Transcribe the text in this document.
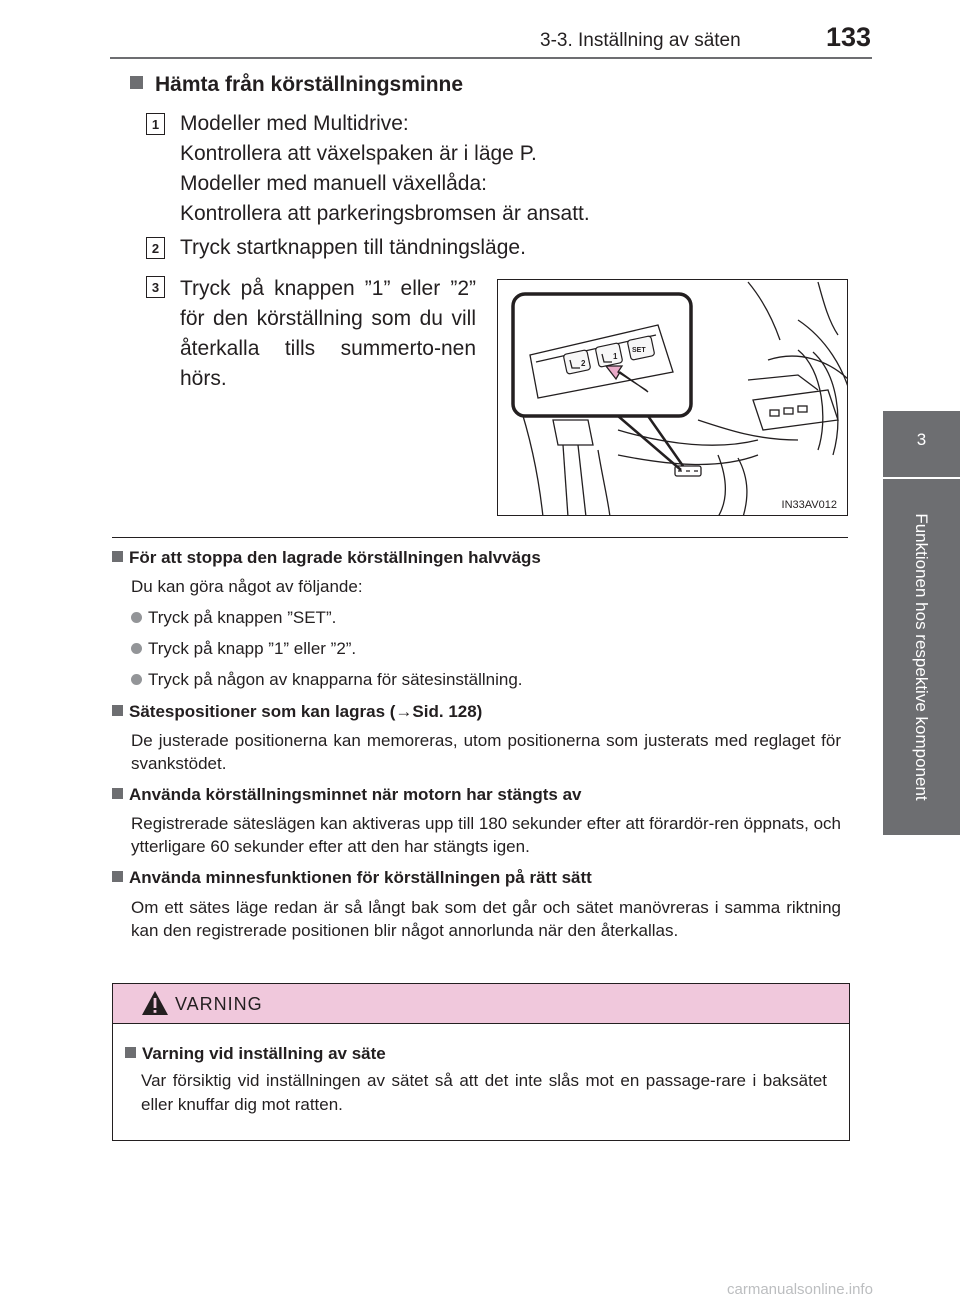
3-3. Inställning av säten	133
3
Funktionen hos respektive komponent
Hämta från körställningsminne
1 Modeller med Multidrive:
Kontrollera att växelspaken är i läge P.
Modeller med manuell växellåda:
Kontrollera att parkeringsbromsen är ansatt.
2 Tryck startknappen till tändningsläge.
3 Tryck på knappen ”1” eller ”2” för den körställning som du vill återkalla tills summerto-nen hörs.
2
1
SET
IN33AV012
För att stoppa den lagrade körställningen halvvägs
Du kan göra något av följande:
Tryck på knappen ”SET”.
Tryck på knapp ”1” eller ”2”.
Tryck på någon av knapparna för sätesinställning.
Sätespositioner som kan lagras (→Sid. 128)
De justerade positionerna kan memoreras, utom positionerna som justerats med reglaget för svankstödet.
Använda körställningsminnet när motorn har stängts av
Registrerade säteslägen kan aktiveras upp till 180 sekunder efter att förardör-ren öppnats, och ytterligare 60 sekunder efter att den har stängts igen.
Använda minnesfunktionen för körställningen på rätt sätt
Om ett sätes läge redan är så långt bak som det går och sätet manövreras i samma riktning kan den registrerade positionen blir något annorlunda när den återkallas.
VARNING
Varning vid inställning av säte
Var försiktig vid inställningen av sätet så att det inte slås mot en passage-rare i baksätet eller knuffar dig mot ratten.
carmanualsonline.info
